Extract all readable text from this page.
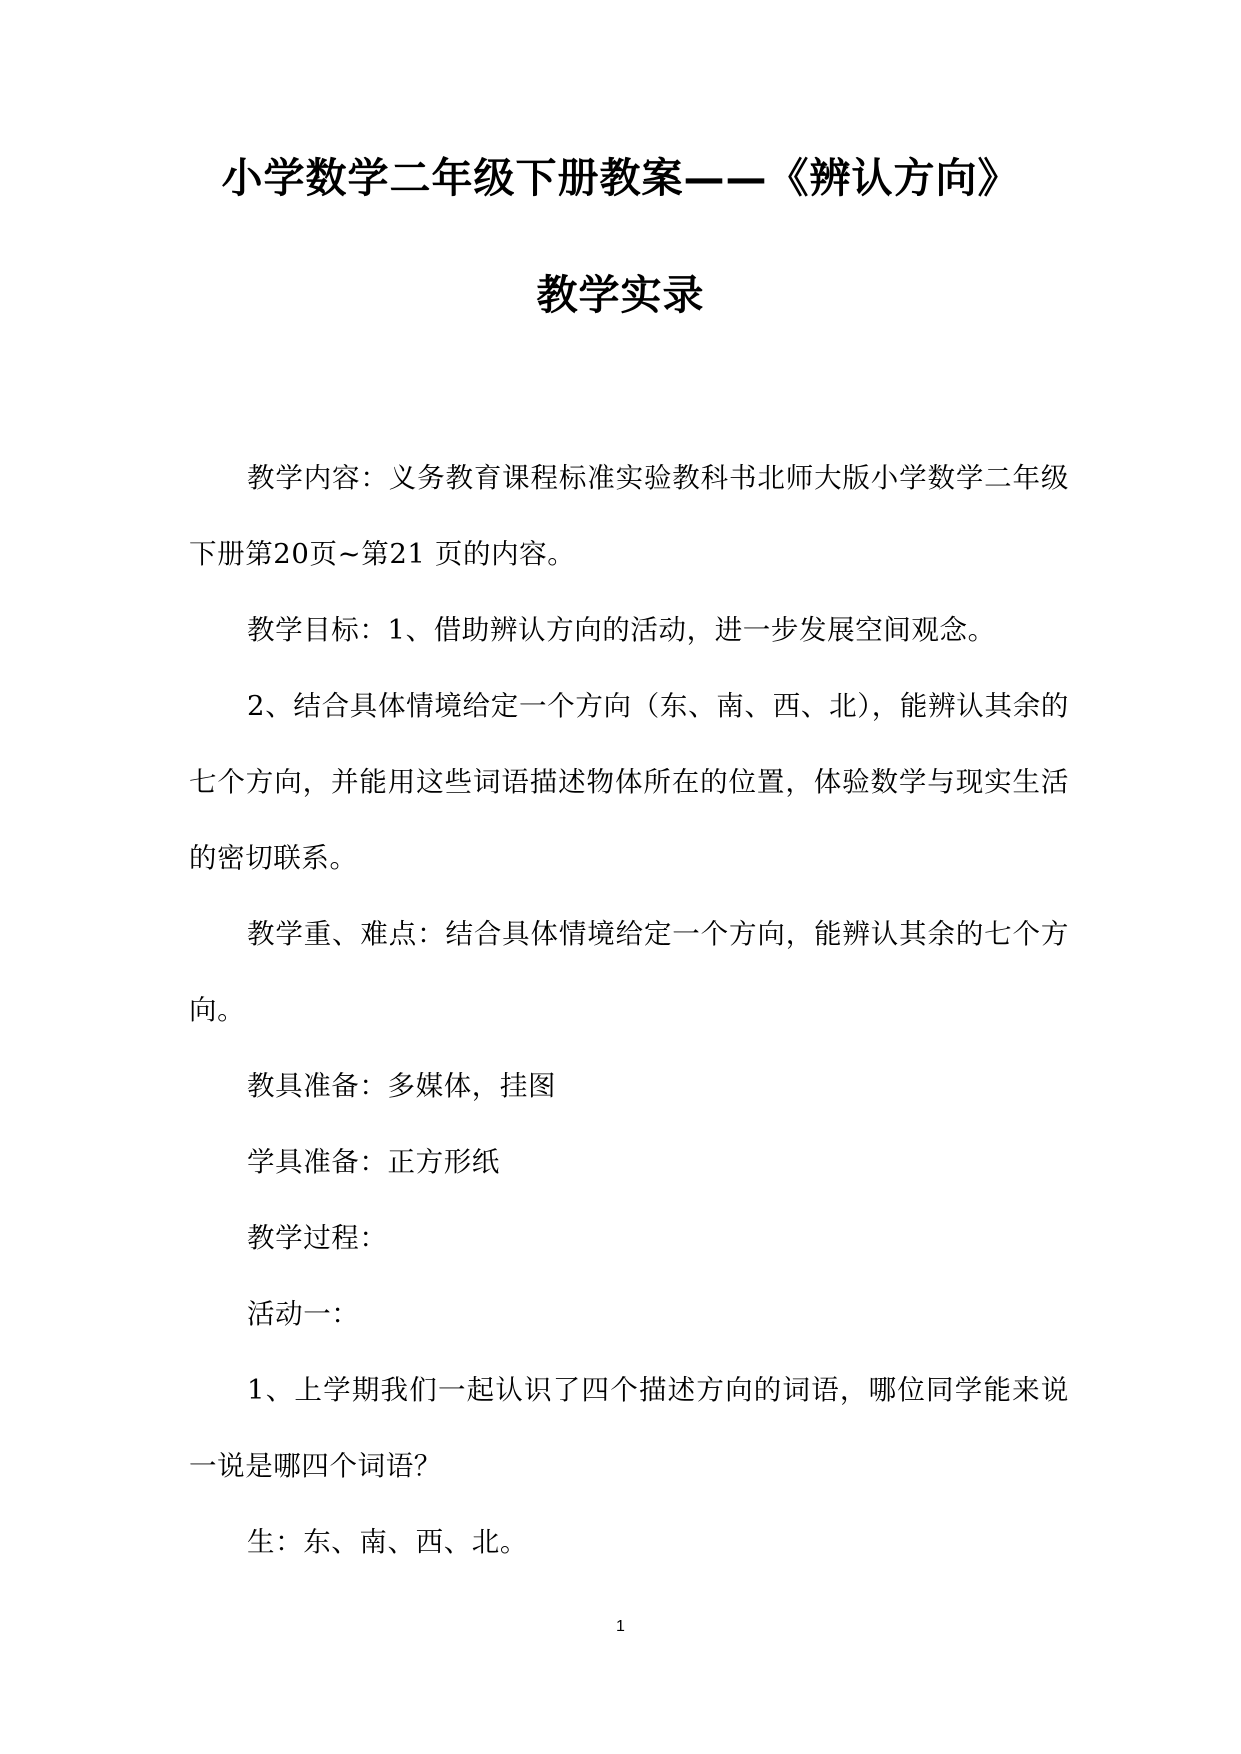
小学数学二年级下册教案——《辨认方向》
教学实录

教学内容：义务教育课程标准实验教科书北师大版小学数学二年级下册第20页~第21 页的内容。

教学目标：1、借助辨认方向的活动，进一步发展空间观念。

2、结合具体情境给定一个方向（东、南、西、北），能辨认其余的七个方向，并能用这些词语描述物体所在的位置，体验数学与现实生活的密切联系。

教学重、难点：结合具体情境给定一个方向，能辨认其余的七个方向。

教具准备：多媒体，挂图

学具准备：正方形纸

教学过程：

活动一：

1、上学期我们一起认识了四个描述方向的词语，哪位同学能来说一说是哪四个词语？

生：东、南、西、北。

1
